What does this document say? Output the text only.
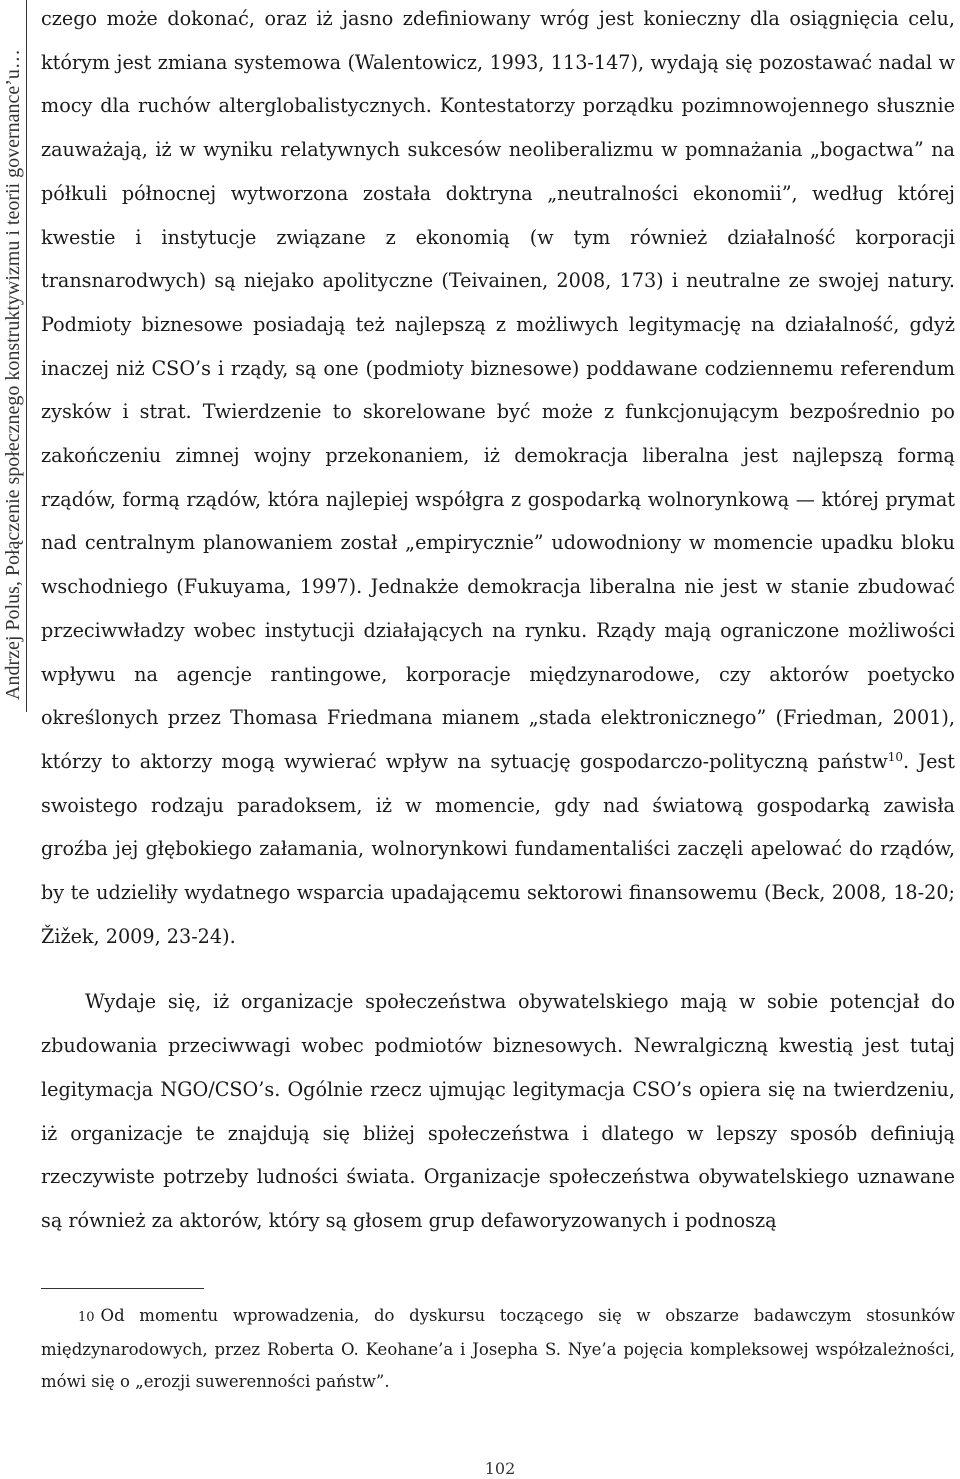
Andrzej Polus, Połączenie społecznego konstruktywizmu i teorii governance’u…

czego może dokonać, oraz iż jasno zdefiniowany wróg jest konieczny dla osiągnięcia celu, którym jest zmiana systemowa (Walentowicz, 1993, 113-147), wydają się pozostawać nadal w mocy dla ruchów alterglobalistycznych. Kontestatorzy porządku pozimnowojennego słusznie zauważają, iż w wyniku relatywnych sukcesów neoliberalizmu w pomnażania „bogactwa” na półkuli północnej wytworzona została doktryna „neutralności ekonomii”, według której kwestie i instytucje związane z ekonomią (w tym również działalność korporacji transnarodwych) są niejako apolityczne (Teivainen, 2008, 173) i neutralne ze swojej natury. Podmioty biznesowe posiadają też najlepszą z możliwych legitymację na działalność, gdyż inaczej niż CSO’s i rządy, są one (podmioty biznesowe) poddawane codziennemu referendum zysków i strat. Twierdzenie to skorelowane być może z funkcjonującym bezpośrednio po zakończeniu zimnej wojny przekonaniem, iż demokracja liberalna jest najlepszą formą rządów, formą rządów, która najlepiej współgra z gospodarką wolnorynkową — której prymat nad centralnym planowaniem został „empirycznie” udowodniony w momencie upadku bloku wschodniego (Fukuyama, 1997). Jednakże demokracja liberalna nie jest w stanie zbudować przeciwwładzy wobec instytucji działających na rynku. Rządy mają ograniczone możliwości wpływu na agencje rantingowe, korporacje międzynarodowe, czy aktorów poetycko określonych przez Thomasa Friedmana mianem „stada elektronicznego” (Friedman, 2001), którzy to aktorzy mogą wywierać wpływ na sytuację gospodarczo-polityczną państw$^{10}$. Jest swoistego rodzaju paradoksem, iż w momencie, gdy nad światową gospodarką zawisła groźba jej głębokiego załamania, wolnorynkowi fundamentaliści zaczęli apelować do rządów, by te udzieliły wydatnego wsparcia upadającemu sektorowi finansowemu (Beck, 2008, 18-20; Žižek, 2009, 23-24).

Wydaje się, iż organizacje społeczeństwa obywatelskiego mają w sobie potencjał do zbudowania przeciwwagi wobec podmiotów biznesowych. Newralgiczną kwestią jest tutaj legitymacja NGO/CSO’s. Ogólnie rzecz ujmując legitymacja CSO’s opiera się na twierdzeniu, iż organizacje te znajdują się bliżej społeczeństwa i dlatego w lepszy sposób definiują rzeczywiste potrzeby ludności świata. Organizacje społeczeństwa obywatelskiego uznawane są również za aktorów, który są głosem grup defaworyzowanych i podnoszą

10 Od momentu wprowadzenia, do dyskursu toczącego się w obszarze badawczym stosunków międzynarodowych, przez Roberta O. Keohane’a i Josepha S. Nye’a pojęcia kompleksowej współzależności, mówi się o „erozji suwerenności państw”.

102
